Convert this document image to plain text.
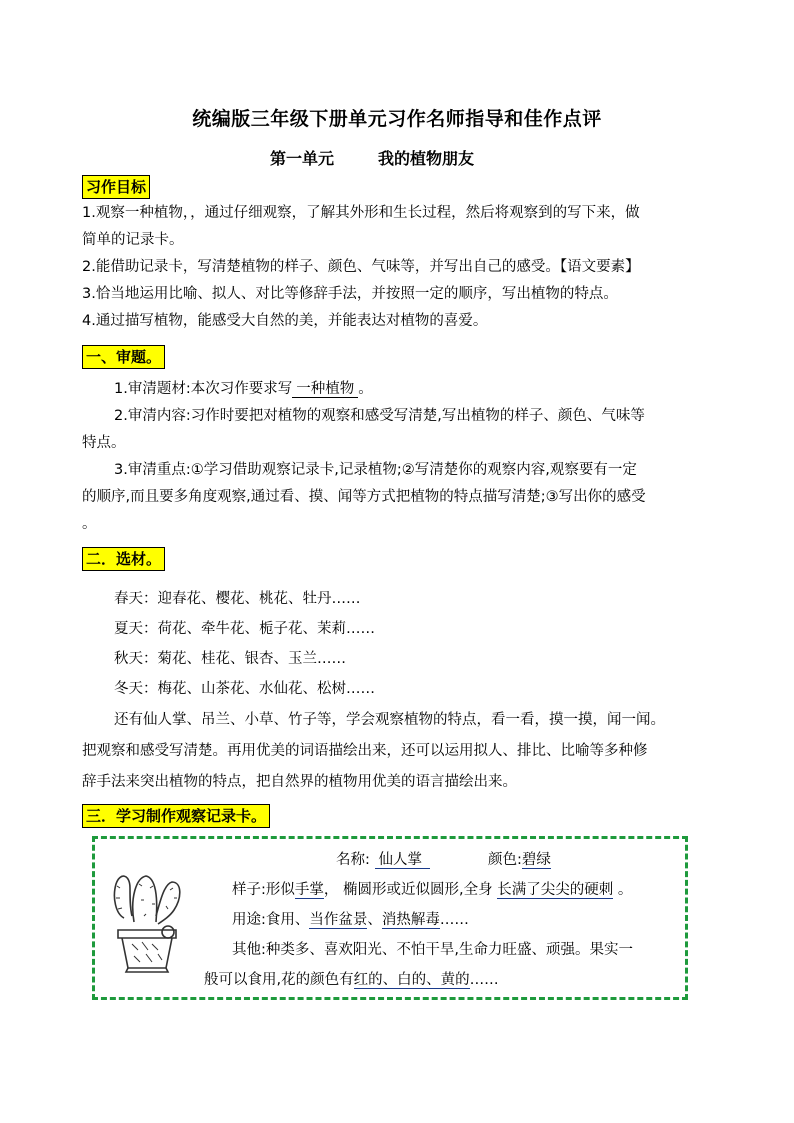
统编版三年级下册单元习作名师指导和佳作点评
第一单元	我的植物朋友
习作目标
1.观察一种植物，，通过仔细观察，了解其外形和生长过程，然后将观察到的写下来，做
简单的记录卡。
2.能借助记录卡，写清楚植物的样子、颜色、气味等，并写出自己的感受。【语文要素】
3.恰当地运用比喻、拟人、对比等修辞手法，并按照一定的顺序，写出植物的特点。
4.通过描写植物，能感受大自然的美，并能表达对植物的喜爱。
一、审题。
1.审清题材:本次习作要求写 一种植物 。
2.审清内容:习作时要把对植物的观察和感受写清楚,写出植物的样子、颜色、气味等
特点。
3.审清重点:①学习借助观察记录卡,记录植物;②写清楚你的观察内容,观察要有一定
的顺序,而且要多角度观察,通过看、摸、闻等方式把植物的特点描写清楚;③写出你的感受
。
二．选材。
春天：迎春花、樱花、桃花、牡丹……
夏天：荷花、牵牛花、栀子花、茉莉……
秋天：菊花、桂花、银杏、玉兰……
冬天：梅花、山茶花、水仙花、松树……
还有仙人掌、吊兰、小草、竹子等，学会观察植物的特点，看一看，摸一摸，闻一闻。
把观察和感受写清楚。再用优美的词语描绘出来，还可以运用拟人、排比、比喻等多种修
辞手法来突出植物的特点，把自然界的植物用优美的语言描绘出来。
三．学习制作观察记录卡。
名称: 仙人掌	颜色:碧绿
样子:形似手掌， 椭圆形或近似圆形,全身 长满了尖尖的硬刺 。
用途:食用、当作盆景、消热解毒……
其他:种类多、喜欢阳光、不怕干旱,生命力旺盛、顽强。果实一
般可以食用,花的颜色有红的、白的、黄的……
